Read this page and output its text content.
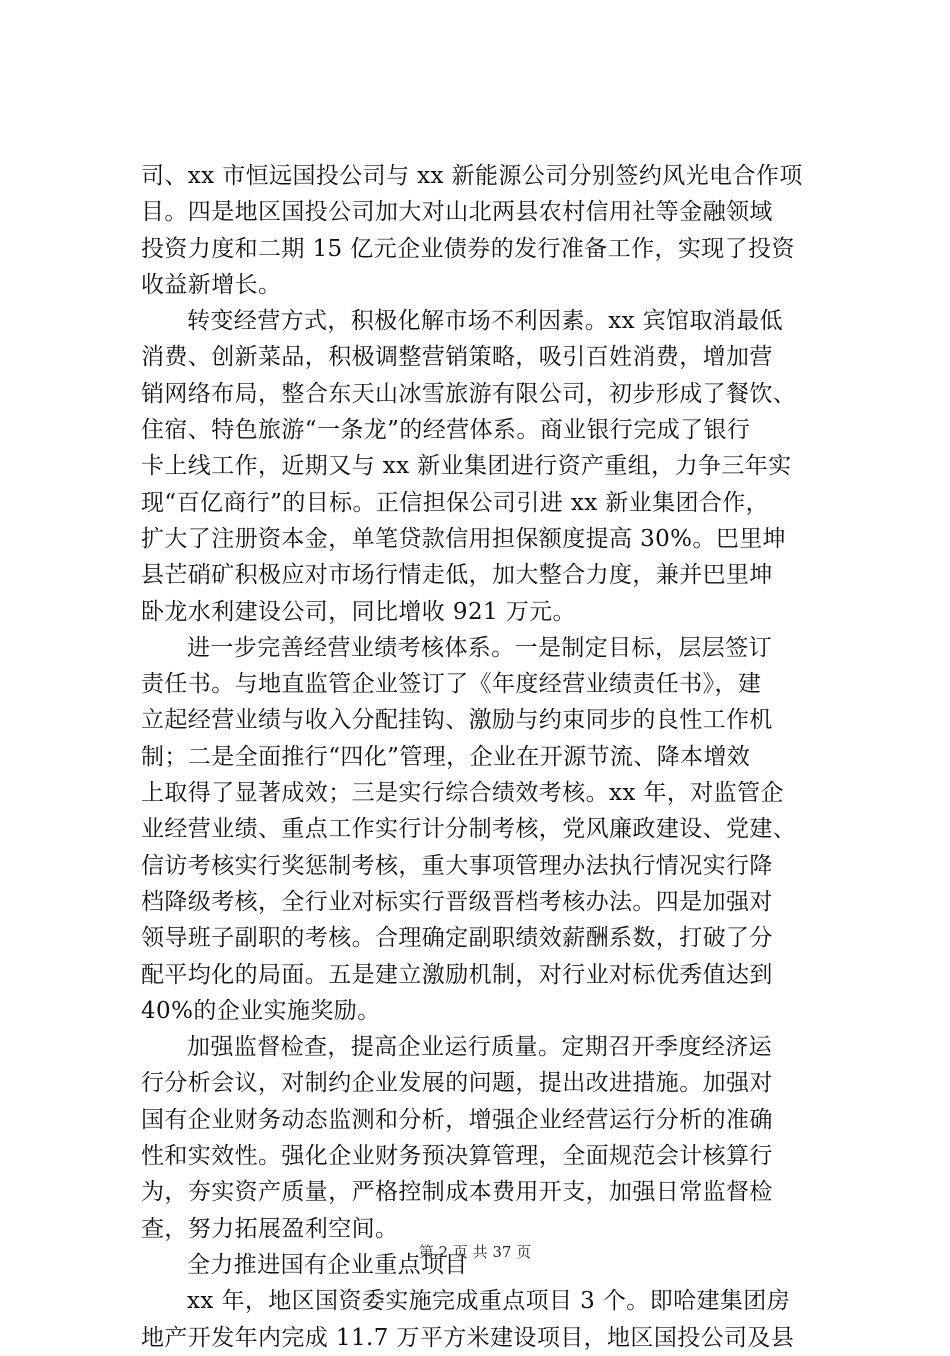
司、xx 市恒远国投公司与 xx 新能源公司分别签约风光电合作项
目。四是地区国投公司加大对山北两县农村信用社等金融领域
投资力度和二期 15 亿元企业债券的发行准备工作，实现了投资
收益新增长。
转变经营方式，积极化解市场不利因素。xx 宾馆取消最低
消费、创新菜品，积极调整营销策略，吸引百姓消费，增加营
销网络布局，整合东天山冰雪旅游有限公司，初步形成了餐饮、
住宿、特色旅游“一条龙”的经营体系。商业银行完成了银行
卡上线工作，近期又与 xx 新业集团进行资产重组，力争三年实
现“百亿商行”的目标。正信担保公司引进 xx 新业集团合作，
扩大了注册资本金，单笔贷款信用担保额度提高 30%。巴里坤
县芒硝矿积极应对市场行情走低，加大整合力度，兼并巴里坤
卧龙水利建设公司，同比增收 921 万元。
进一步完善经营业绩考核体系。一是制定目标，层层签订
责任书。与地直监管企业签订了《年度经营业绩责任书》，建
立起经营业绩与收入分配挂钩、激励与约束同步的良性工作机
制；二是全面推行“四化”管理，企业在开源节流、降本增效
上取得了显著成效；三是实行综合绩效考核。xx 年，对监管企
业经营业绩、重点工作实行计分制考核，党风廉政建设、党建、
信访考核实行奖惩制考核，重大事项管理办法执行情况实行降
档降级考核，全行业对标实行晋级晋档考核办法。四是加强对
领导班子副职的考核。合理确定副职绩效薪酬系数，打破了分
配平均化的局面。五是建立激励机制，对行业对标优秀值达到
40%的企业实施奖励。
加强监督检查，提高企业运行质量。定期召开季度经济运
行分析会议，对制约企业发展的问题，提出改进措施。加强对
国有企业财务动态监测和分析，增强企业经营运行分析的准确
性和实效性。强化企业财务预决算管理，全面规范会计核算行
为，夯实资产质量，严格控制成本费用开支，加强日常监督检
查，努力拓展盈利空间。
全力推进国有企业重点项目
xx 年，地区国资委实施完成重点项目 3 个。即哈建集团房
地产开发年内完成 11.7 万平方米建设项目，地区国投公司及县
第 2 页 共 37 页
